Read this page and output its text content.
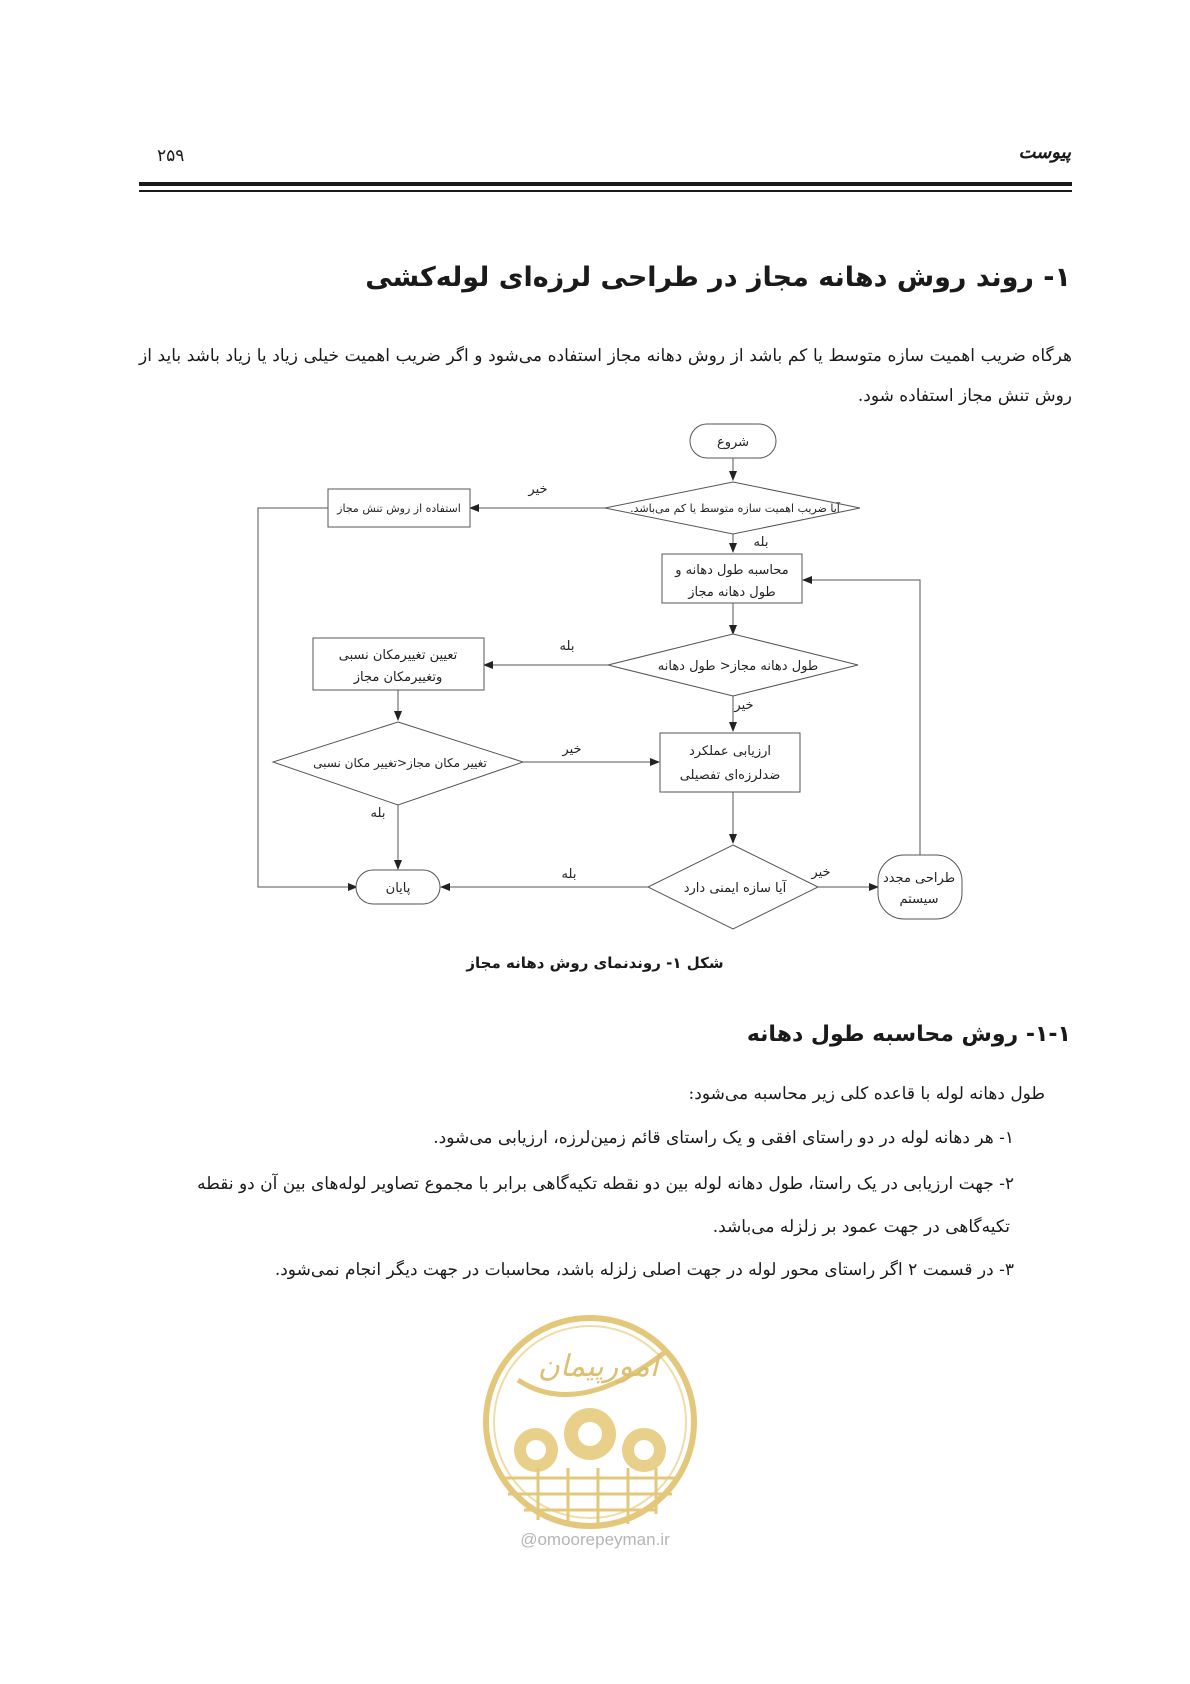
۲۵۹	پیوست
۱- روند روش دهانه مجاز در طراحی لرزه‌ای لوله‌کشی
هرگاه ضریب اهمیت سازه متوسط یا کم باشد از روش دهانه مجاز استفاده می‌شود و اگر ضریب اهمیت خیلی زیاد یا زیاد باشد باید از روش تنش مجاز استفاده شود.
شروع
آیا ضریب اهمیت سازه متوسط یا کم می‌باشد.
خیر
استفاده از روش تنش مجاز
بله
محاسبه طول دهانه و
طول دهانه مجاز
طول دهانه مجاز< طول دهانه
بله
خیر
تعیین تغییرمکان نسبی
وتغییرمکان مجاز
تغییر مکان مجاز<تغییر مکان نسبی
خیر
بله
ارزیابی عملکرد
ضدلرزه‌ای تفصیلی
آیا سازه ایمنی دارد
بله	خیر
پایان
طراحی مجدد
سیستم
شکل ۱- روندنمای روش دهانه مجاز
۱-۱- روش محاسبه طول دهانه
طول دهانه لوله با قاعده کلی زیر محاسبه می‌شود:
۱- هر دهانه لوله در دو راستای افقی و یک راستای قائم زمین‌لرزه، ارزیابی می‌شود.
۲- جهت ارزیابی در یک راستا، طول دهانه لوله بین دو نقطه تکیه‌گاهی برابر با مجموع تصاویر لوله‌های بین آن دو نقطه
تکیه‌گاهی در جهت عمود بر زلزله می‌باشد.
۳- در قسمت ۲ اگر راستای محور لوله در جهت اصلی زلزله باشد، محاسبات در جهت دیگر انجام نمی‌شود.
امورپیمان
@omoorepeyman.ir
